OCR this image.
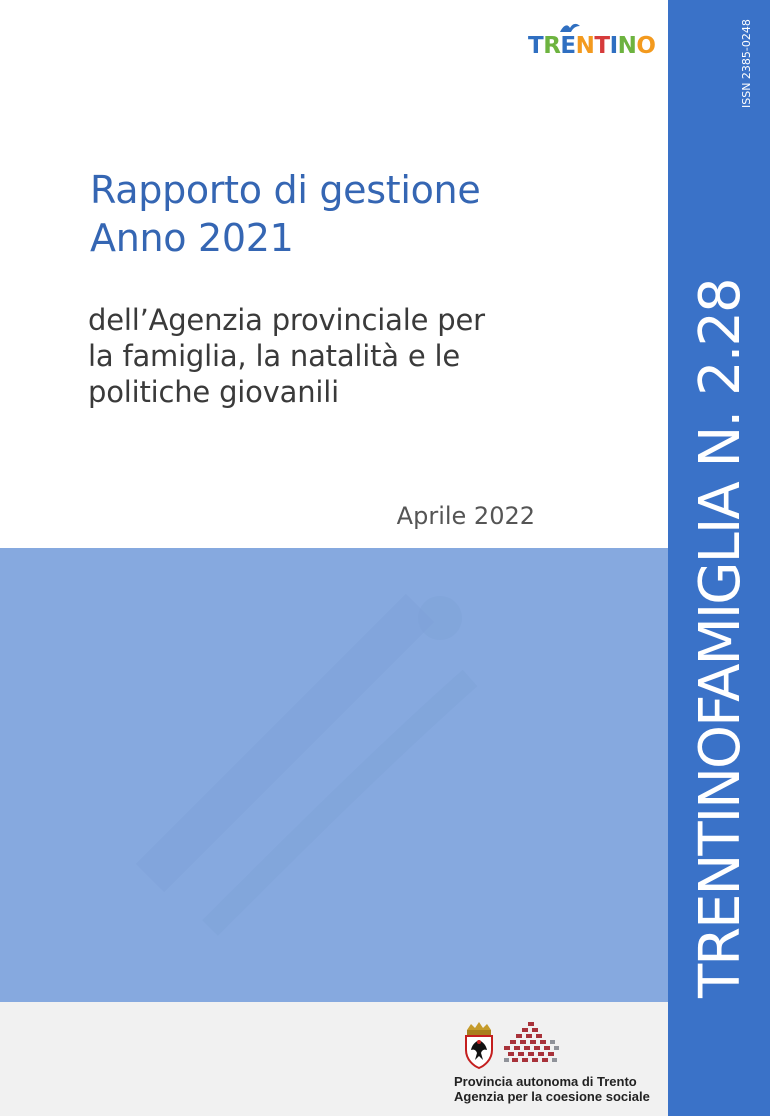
TRENTINO
Rapporto di gestione
Anno 2021
dell’Agenzia provinciale per
la famiglia, la natalità e le
politiche giovanili
Aprile 2022
Provincia autonoma di Trento
Agenzia per la coesione sociale
ISSN 2385-0248
TRENTINOFAMIGLIA N. 2.28
